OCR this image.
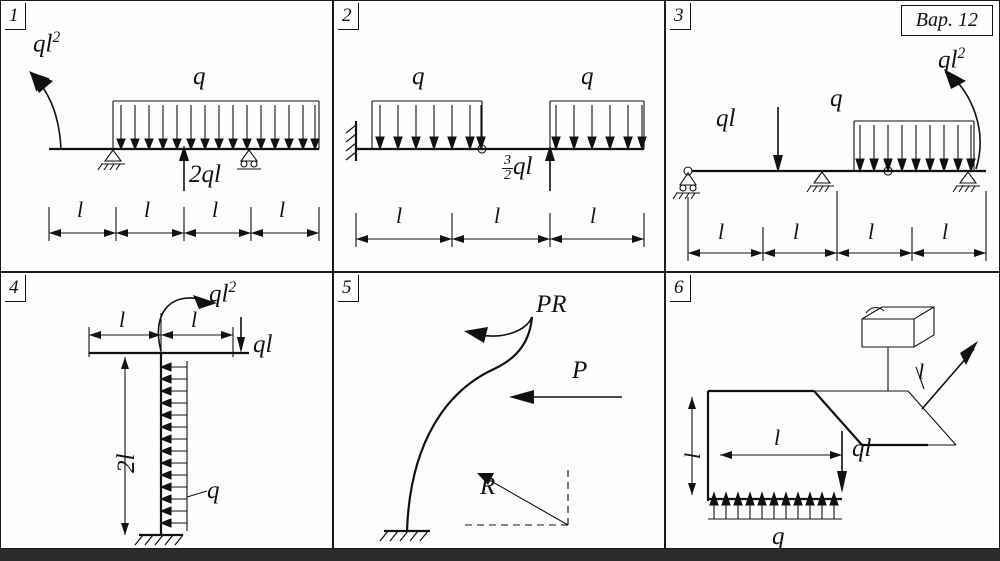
1
$ql^2$
q
2ql
l	l	l	l
2
q	q
$\frac{3}{2}$ ql
l	l	l
3	Вар. 12
ql
q
$ql^2$
l	l	l	l
4	$ql^2$
ql
q
2l
l	l
5
PR
P
R
6
ql
q
l
l
l
